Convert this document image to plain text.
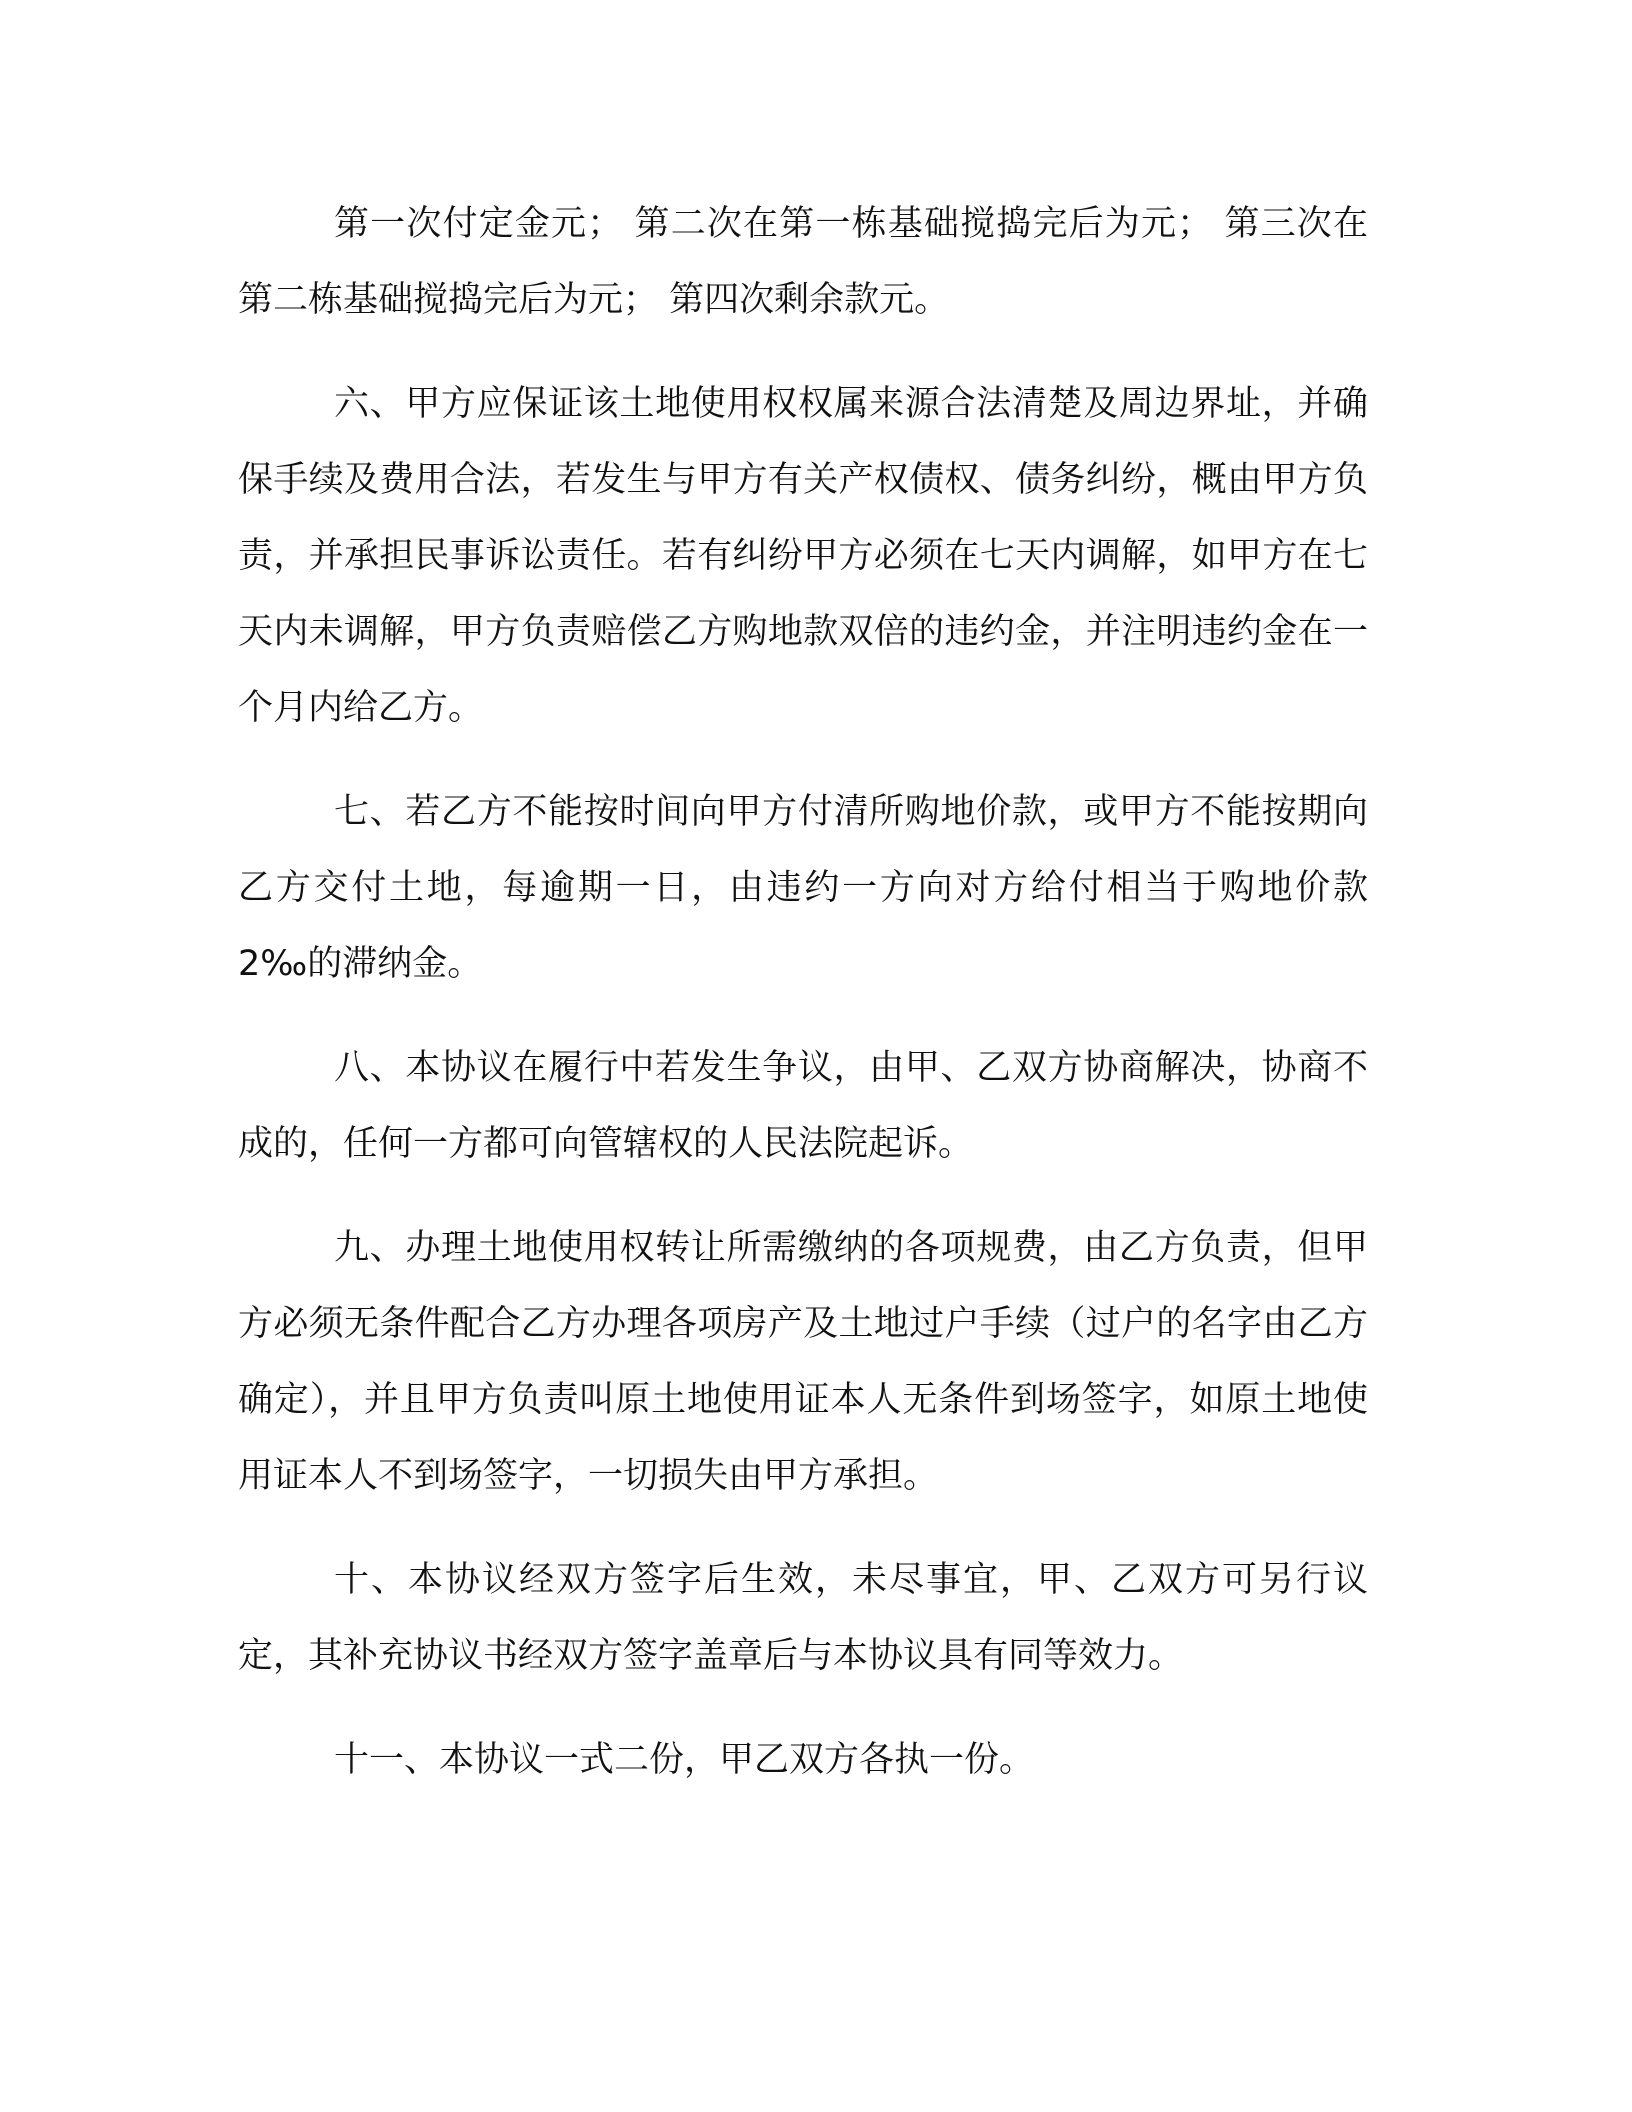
第一次付定金元； 第二次在第一栋基础搅捣完后为元； 第三次在第二栋基础搅捣完后为元； 第四次剩余款元。

六、甲方应保证该土地使用权权属来源合法清楚及周边界址，并确保手续及费用合法，若发生与甲方有关产权债权、债务纠纷，概由甲方负责，并承担民事诉讼责任。若有纠纷甲方必须在七天内调解，如甲方在七天内未调解，甲方负责赔偿乙方购地款双倍的违约金，并注明违约金在一个月内给乙方。

七、若乙方不能按时间向甲方付清所购地价款，或甲方不能按期向乙方交付土地，每逾期一日，由违约一方向对方给付相当于购地价款 2‰的滞纳金。

八、本协议在履行中若发生争议，由甲、乙双方协商解决，协商不成的，任何一方都可向管辖权的人民法院起诉。

九、办理土地使用权转让所需缴纳的各项规费，由乙方负责，但甲方必须无条件配合乙方办理各项房产及土地过户手续（过户的名字由乙方确定），并且甲方负责叫原土地使用证本人无条件到场签字，如原土地使用证本人不到场签字，一切损失由甲方承担。

十、本协议经双方签字后生效，未尽事宜，甲、乙双方可另行议定，其补充协议书经双方签字盖章后与本协议具有同等效力。

十一、本协议一式二份，甲乙双方各执一份。
